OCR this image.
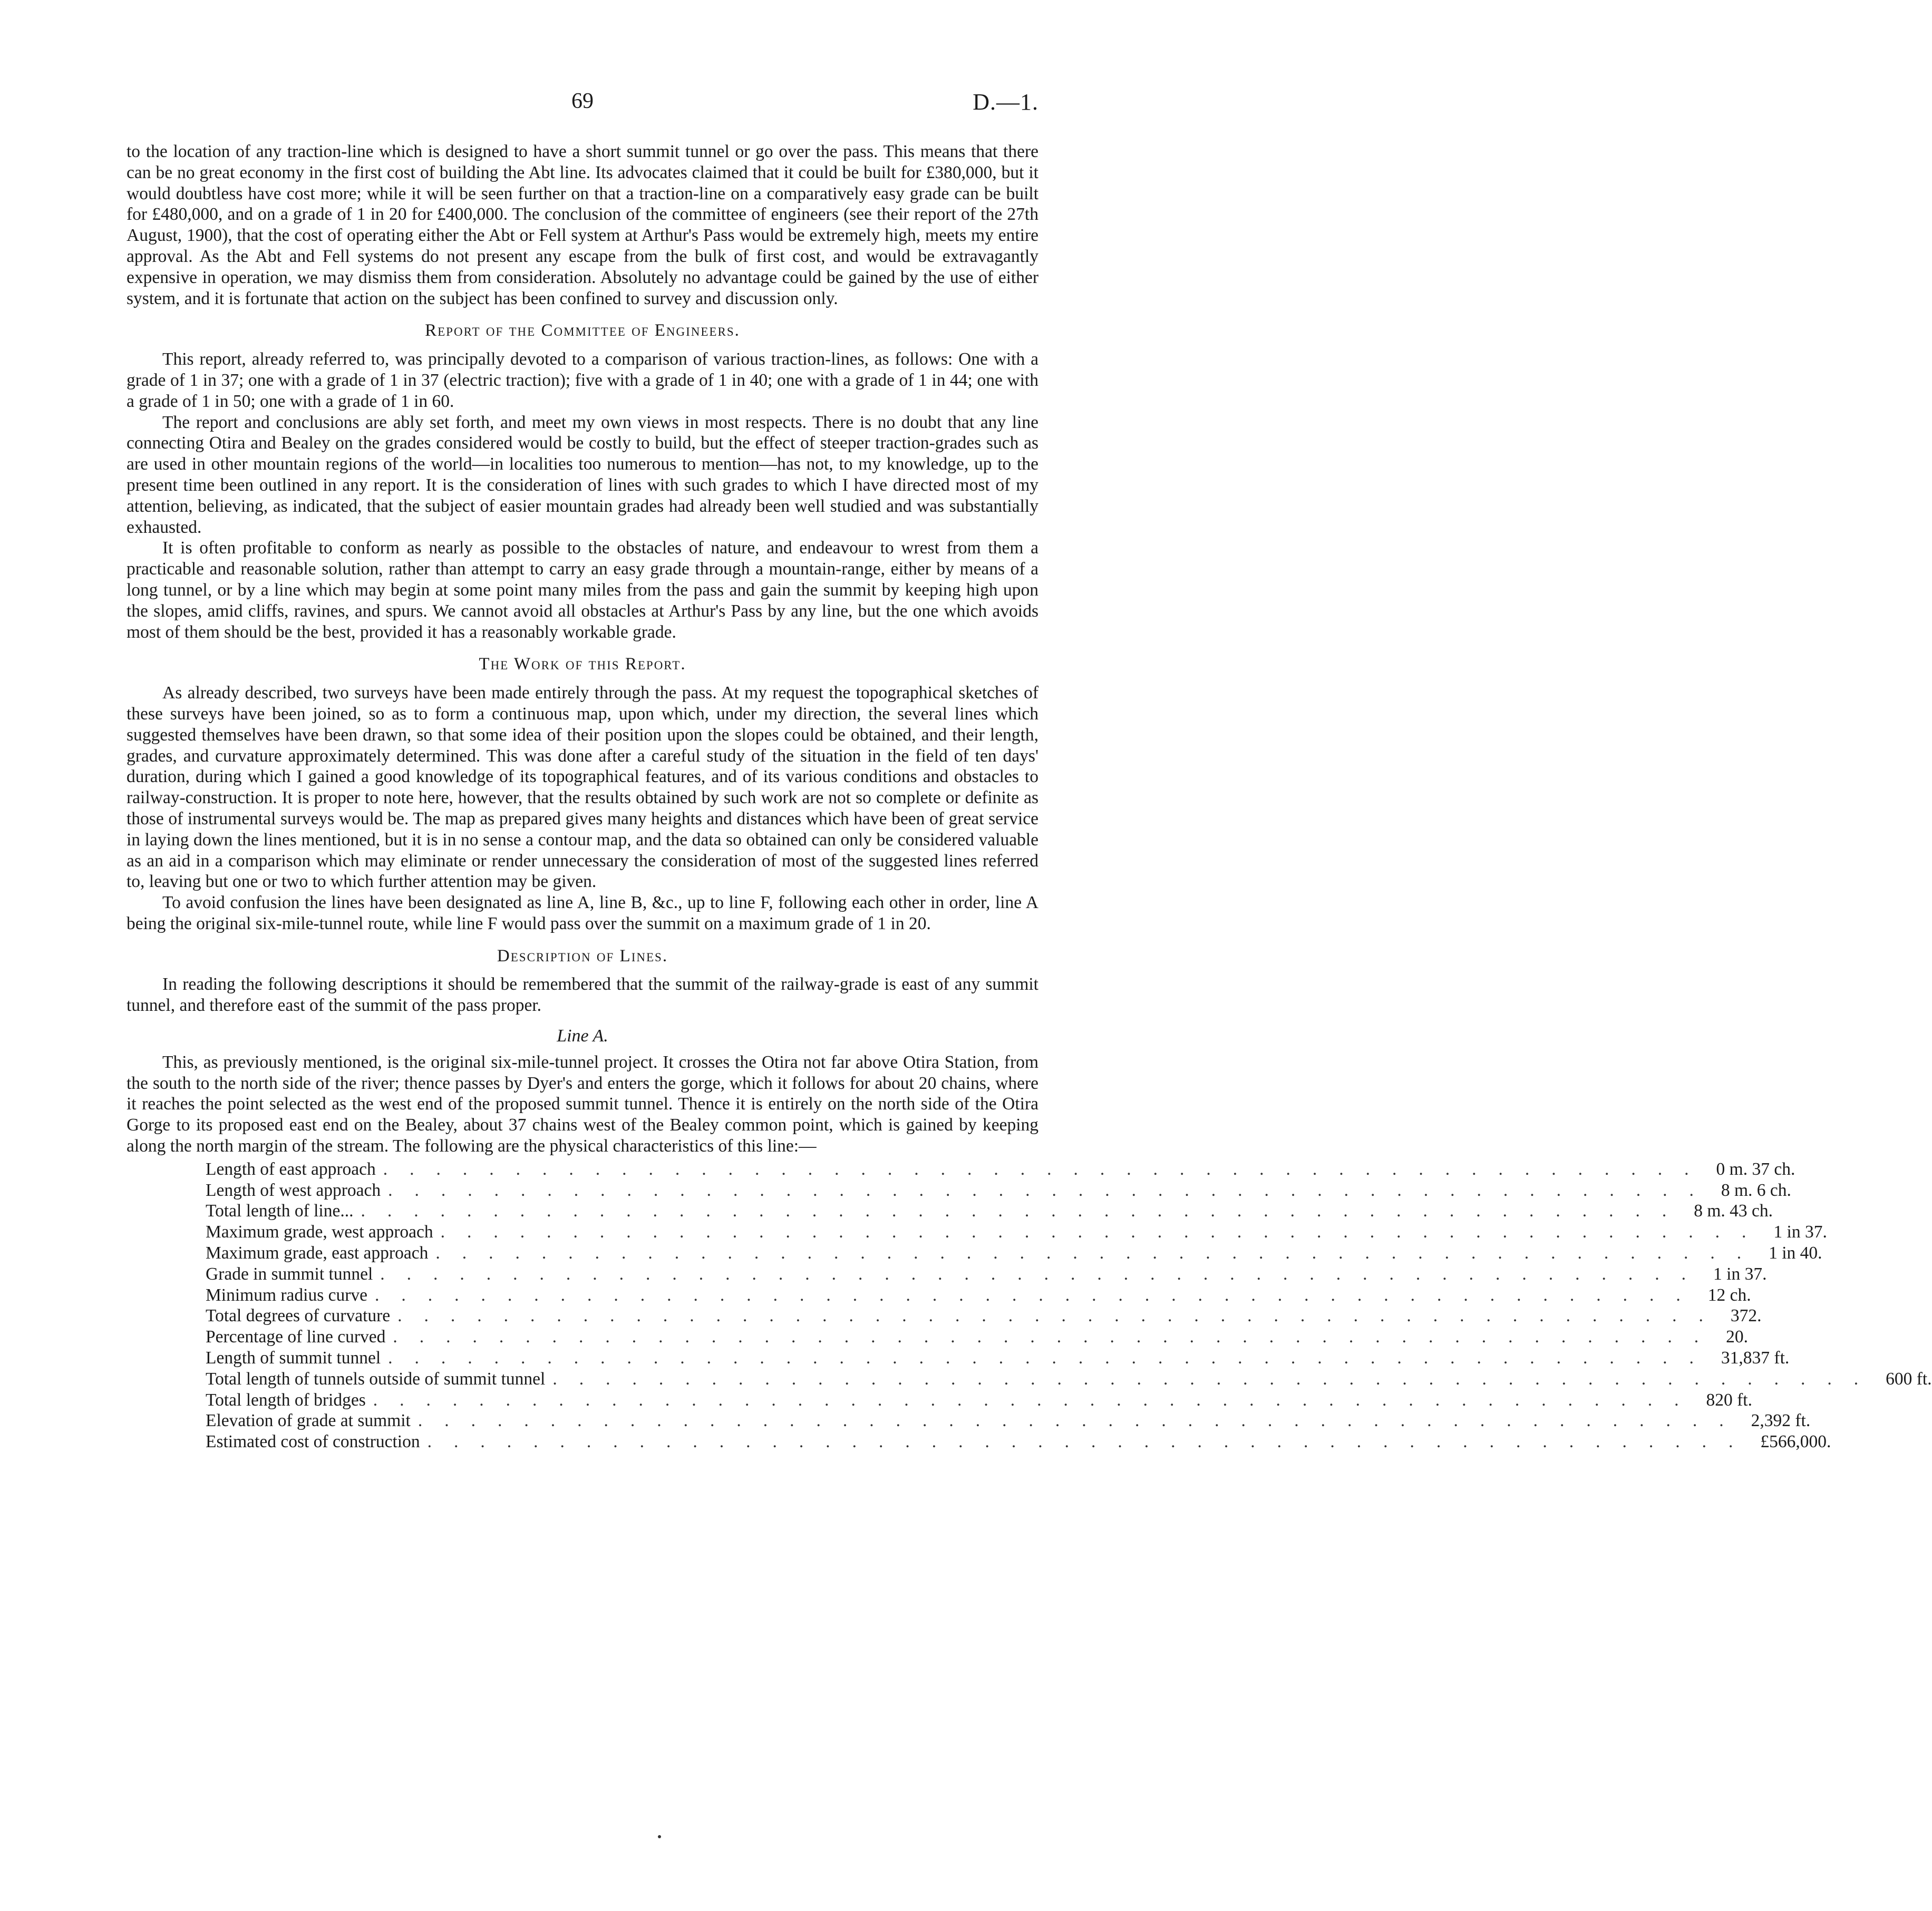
69	D.—1.

to the location of any traction-line which is designed to have a short summit tunnel or go over the pass. This means that there can be no great economy in the first cost of building the Abt line. Its advocates claimed that it could be built for £380,000, but it would doubtless have cost more; while it will be seen further on that a traction-line on a comparatively easy grade can be built for £480,000, and on a grade of 1 in 20 for £400,000. The conclusion of the committee of engineers (see their report of the 27th August, 1900), that the cost of operating either the Abt or Fell system at Arthur's Pass would be extremely high, meets my entire approval. As the Abt and Fell systems do not present any escape from the bulk of first cost, and would be extravagantly expensive in operation, we may dismiss them from consideration. Absolutely no advantage could be gained by the use of either system, and it is fortunate that action on the subject has been confined to survey and discussion only.

Report of the Committee of Engineers.

This report, already referred to, was principally devoted to a comparison of various traction-lines, as follows: One with a grade of 1 in 37; one with a grade of 1 in 37 (electric traction); five with a grade of 1 in 40; one with a grade of 1 in 44; one with a grade of 1 in 50; one with a grade of 1 in 60.

The report and conclusions are ably set forth, and meet my own views in most respects. There is no doubt that any line connecting Otira and Bealey on the grades considered would be costly to build, but the effect of steeper traction-grades such as are used in other mountain regions of the world—in localities too numerous to mention—has not, to my knowledge, up to the present time been outlined in any report. It is the consideration of lines with such grades to which I have directed most of my attention, believing, as indicated, that the subject of easier mountain grades had already been well studied and was substantially exhausted.

It is often profitable to conform as nearly as possible to the obstacles of nature, and endeavour to wrest from them a practicable and reasonable solution, rather than attempt to carry an easy grade through a mountain-range, either by means of a long tunnel, or by a line which may begin at some point many miles from the pass and gain the summit by keeping high upon the slopes, amid cliffs, ravines, and spurs. We cannot avoid all obstacles at Arthur's Pass by any line, but the one which avoids most of them should be the best, provided it has a reasonably workable grade.

The Work of this Report.

As already described, two surveys have been made entirely through the pass. At my request the topographical sketches of these surveys have been joined, so as to form a continuous map, upon which, under my direction, the several lines which suggested themselves have been drawn, so that some idea of their position upon the slopes could be obtained, and their length, grades, and curvature approximately determined. This was done after a careful study of the situation in the field of ten days' duration, during which I gained a good knowledge of its topographical features, and of its various conditions and obstacles to railway-construction. It is proper to note here, however, that the results obtained by such work are not so complete or definite as those of instrumental surveys would be. The map as prepared gives many heights and distances which have been of great service in laying down the lines mentioned, but it is in no sense a contour map, and the data so obtained can only be considered valuable as an aid in a comparison which may eliminate or render unnecessary the consideration of most of the suggested lines referred to, leaving but one or two to which further attention may be given.

To avoid confusion the lines have been designated as line A, line B, &c., up to line F, following each other in order, line A being the original six-mile-tunnel route, while line F would pass over the summit on a maximum grade of 1 in 20.

Description of Lines.

In reading the following descriptions it should be remembered that the summit of the railway-grade is east of any summit tunnel, and therefore east of the summit of the pass proper.

Line A.

This, as previously mentioned, is the original six-mile-tunnel project. It crosses the Otira not far above Otira Station, from the south to the north side of the river; thence passes by Dyer's and enters the gorge, which it follows for about 20 chains, where it reaches the point selected as the west end of the proposed summit tunnel. Thence it is entirely on the north side of the Otira Gorge to its proposed east end on the Bealey, about 37 chains west of the Bealey common point, which is gained by keeping along the north margin of the stream. The following are the physical characteristics of this line:—

Length of east approach .................................................. 0 m. 37 ch.
Length of west approach .................................................. 8 m. 6 ch.
Total length of line... .................................................. 8 m. 43 ch.
Maximum grade, west approach .................................................. 1 in 37.
Maximum grade, east approach .................................................. 1 in 40.
Grade in summit tunnel .................................................. 1 in 37.
Minimum radius curve .................................................. 12 ch.
Total degrees of curvature .................................................. 372.
Percentage of line curved .................................................. 20.
Length of summit tunnel .................................................. 31,837 ft.
Total length of tunnels outside of summit tunnel .................................................. 600 ft.
Total length of bridges .................................................. 820 ft.
Elevation of grade at summit .................................................. 2,392 ft.
Estimated cost of construction .................................................. £566,000.
